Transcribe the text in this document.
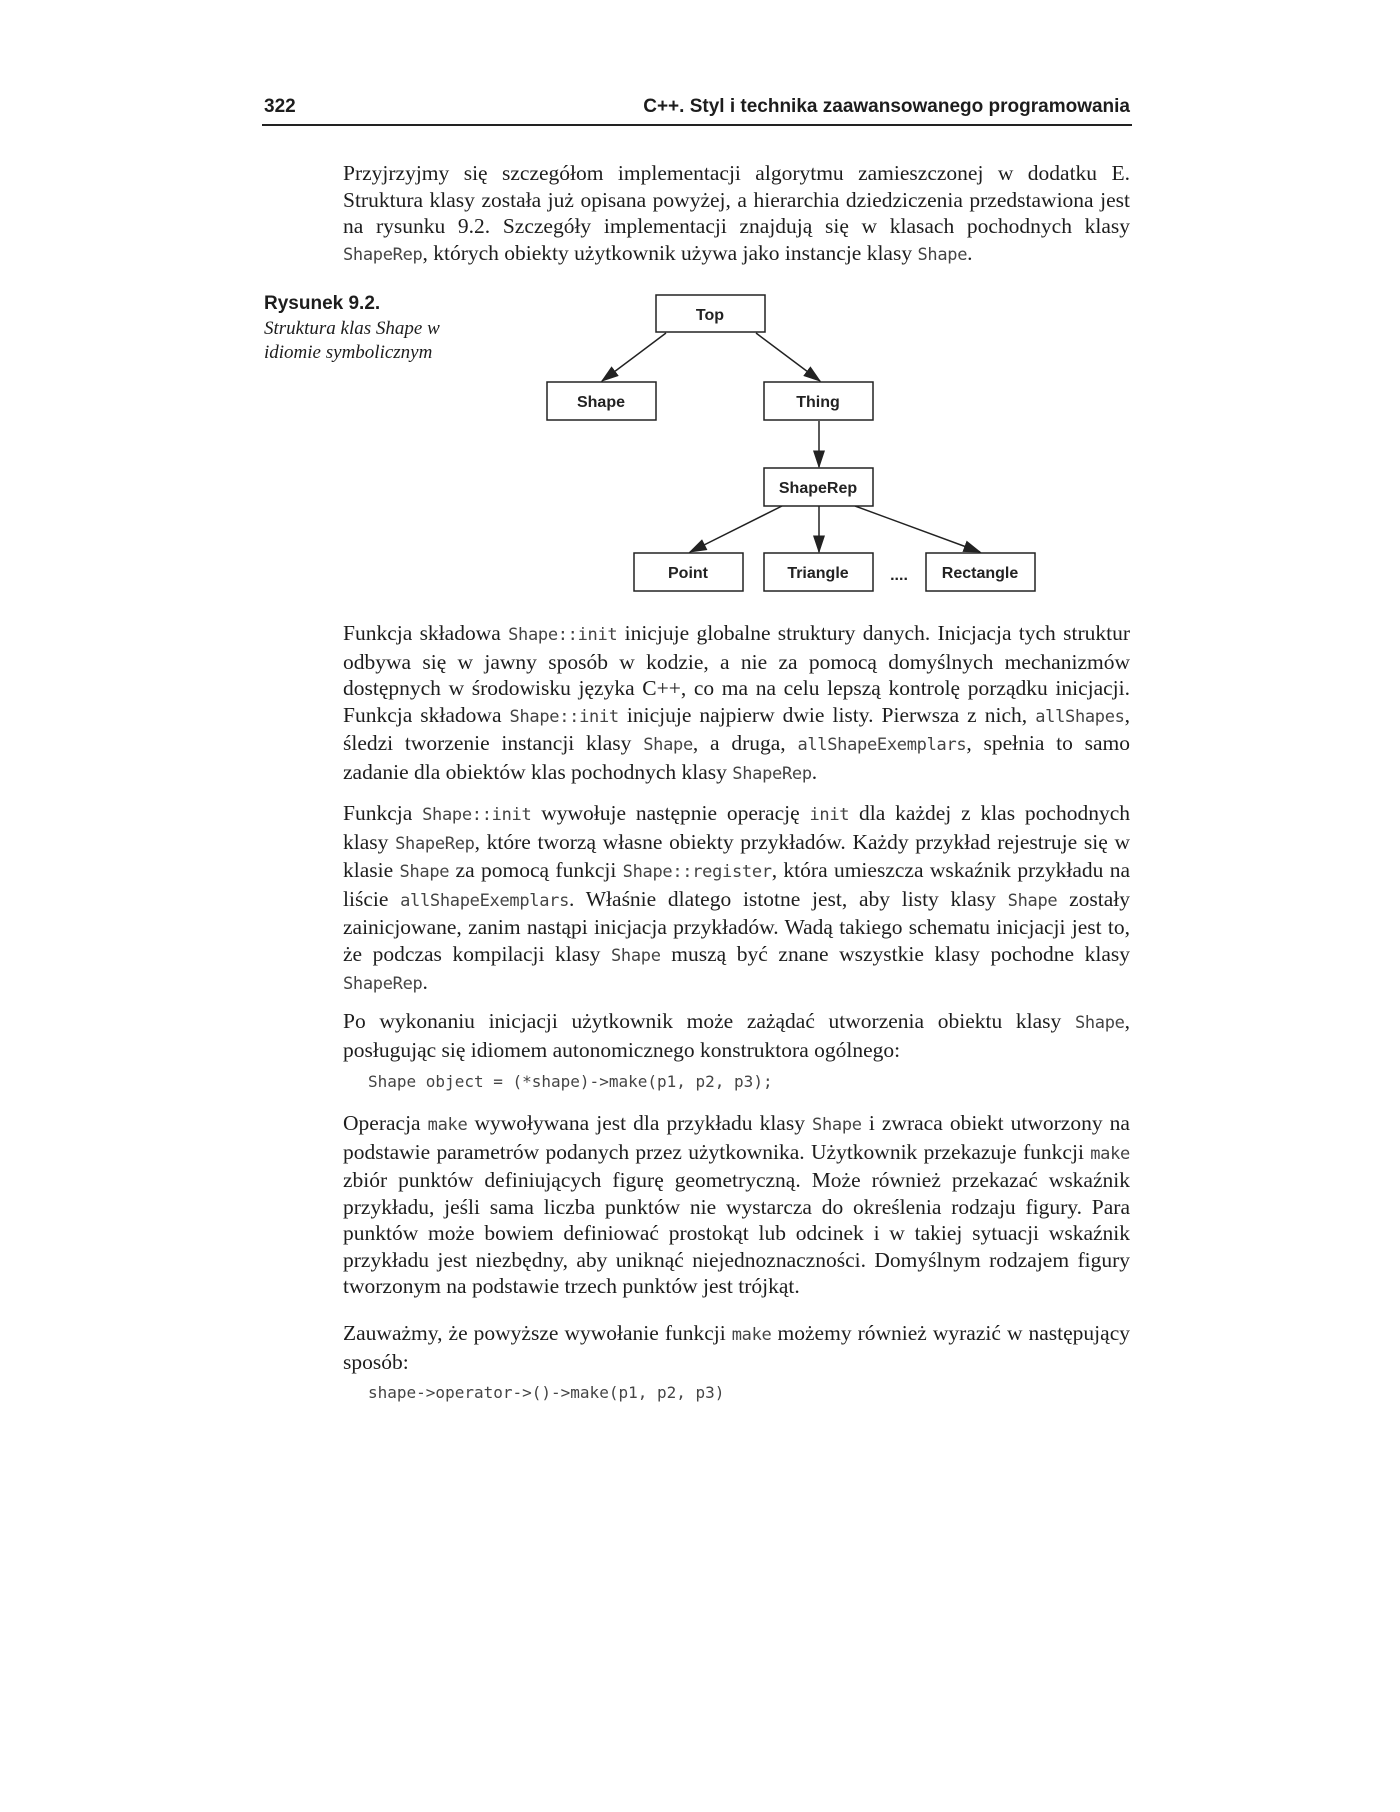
322	C++. Styl i technika zaawansowanego programowania

Przyjrzyjmy się szczegółom implementacji algorytmu zamieszczonej w dodatku E. Struktura klasy została już opisana powyżej, a hierarchia dziedziczenia przedstawiona jest na rysunku 9.2. Szczegóły implementacji znajdują się w klasach pochodnych klasy ShapeRep, których obiekty użytkownik używa jako instancje klasy Shape.

Rysunek 9.2.
Struktura klas Shape w idiomie symbolicznym
Top
Shape	Thing
ShapeRep
Point	Triangle	Rectangle
....

Funkcja składowa Shape::init inicjuje globalne struktury danych. Inicjacja tych struktur odbywa się w jawny sposób w kodzie, a nie za pomocą domyślnych mechanizmów dostępnych w środowisku języka C++, co ma na celu lepszą kontrolę porządku inicjacji. Funkcja składowa Shape::init inicjuje najpierw dwie listy. Pierwsza z nich, allShapes, śledzi tworzenie instancji klasy Shape, a druga, allShapeExemplars, spełnia to samo zadanie dla obiektów klas pochodnych klasy ShapeRep.

Funkcja Shape::init wywołuje następnie operację init dla każdej z klas pochodnych klasy ShapeRep, które tworzą własne obiekty przykładów. Każdy przykład rejestruje się w klasie Shape za pomocą funkcji Shape::register, która umieszcza wskaźnik przykładu na liście allShapeExemplars. Właśnie dlatego istotne jest, aby listy klasy Shape zostały zainicjowane, zanim nastąpi inicjacja przykładów. Wadą takiego schematu inicjacji jest to, że podczas kompilacji klasy Shape muszą być znane wszystkie klasy pochodne klasy ShapeRep.

Po wykonaniu inicjacji użytkownik może zażądać utworzenia obiektu klasy Shape, posługując się idiomem autonomicznego konstruktora ogólnego:

Shape object = (*shape)->make(p1, p2, p3);

Operacja make wywoływana jest dla przykładu klasy Shape i zwraca obiekt utworzony na podstawie parametrów podanych przez użytkownika. Użytkownik przekazuje funkcji make zbiór punktów definiujących figurę geometryczną. Może również przekazać wskaźnik przykładu, jeśli sama liczba punktów nie wystarcza do określenia rodzaju figury. Para punktów może bowiem definiować prostokąt lub odcinek i w takiej sytuacji wskaźnik przykładu jest niezbędny, aby uniknąć niejednoznaczności. Domyślnym rodzajem figury tworzonym na podstawie trzech punktów jest trójkąt.

Zauważmy, że powyższe wywołanie funkcji make możemy również wyrazić w następujący sposób:

shape->operator->()->make(p1, p2, p3)
